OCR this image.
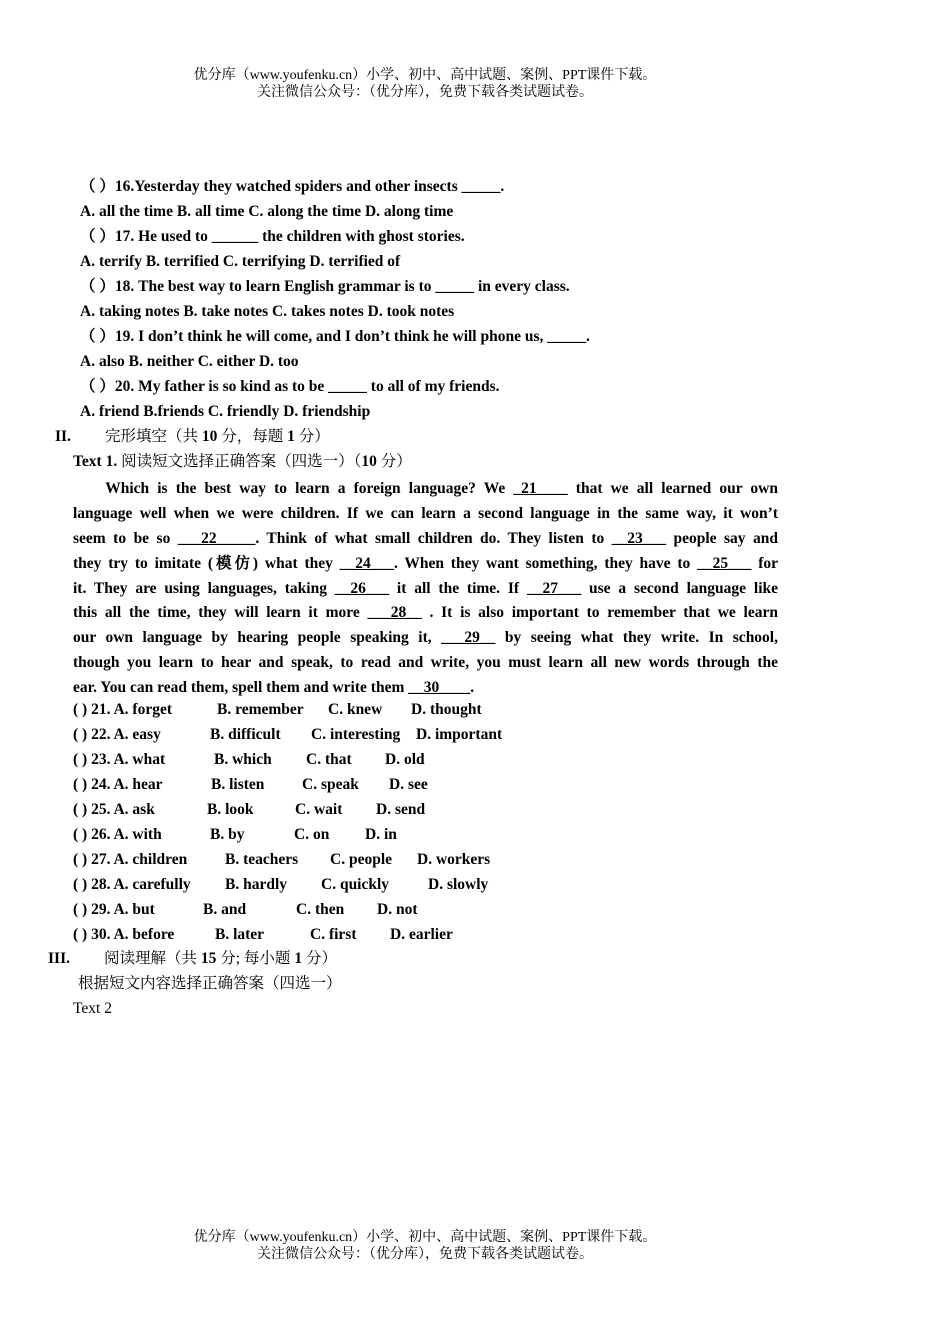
优分库（www.youfenku.cn）小学、初中、高中试题、案例、PPT课件下载。
关注微信公众号：（优分库），免费下载各类试题试卷。
（ ）16.Yesterday they watched spiders and other insects _____.
A. all the time B. all time C. along the time D. along time
（ ）17. He used to ______ the children with ghost stories.
A. terrify B. terrified C. terrifying D. terrified of
（ ）18. The best way to learn English grammar is to _____ in every class.
A. taking notes B. take notes C. takes notes D. took notes
（ ）19. I don’t think he will come, and I don’t think he will phone us, _____.
A. also B. neither C. either D. too
（ ）20. My father is so kind as to be _____ to all of my friends.
A. friend B.friends C. friendly D. friendship
II. 完形填空（共 10 分，每题 1 分）
Text 1. 阅读短文选择正确答案（四选一）（10 分）
Which is the best way to learn a foreign language? We _21____ that we all learned our own
language well when we were children. If we can learn a second language in the same way, it won’t
seem to be so ___22_____. Think of what small children do. They listen to __23___ people say and
they try to imitate (模仿) what they __24___. When they want something, they have to __25___ for
it. They are using languages, taking __26___ it all the time. If __27___ use a second language like
this all the time, they will learn it more ___28__ . It is also important to remember that we learn
our own language by hearing people speaking it, ___29__ by seeing what they write. In school,
though you learn to hear and speak, to read and write, you must learn all new words through the
ear. You can read them, spell them and write them __30____.
( ) 21. A. forget	B. remember C. knew D. thought
( ) 22. A. easy	B. difficult C. interesting D. important
( ) 23. A. what	B. which C. that D. old
( ) 24. A. hear	B. listen C. speak D. see
( ) 25. A. ask	B. look	C. wait D. send
( ) 26. A. with	B. by	C. on D. in
( ) 27. A. children B. teachers C. people D. workers
( ) 28. A. carefully B. hardly C. quickly	D. slowly
( ) 29. A. but	B. and	C. then D. not
( ) 30. A. before	B. later	C. first D. earlier
III. 阅读理解（共 15 分; 每小题 1 分）
根据短文内容选择正确答案（四选一）
Text 2
优分库（www.youfenku.cn）小学、初中、高中试题、案例、PPT课件下载。
关注微信公众号：（优分库），免费下载各类试题试卷。
